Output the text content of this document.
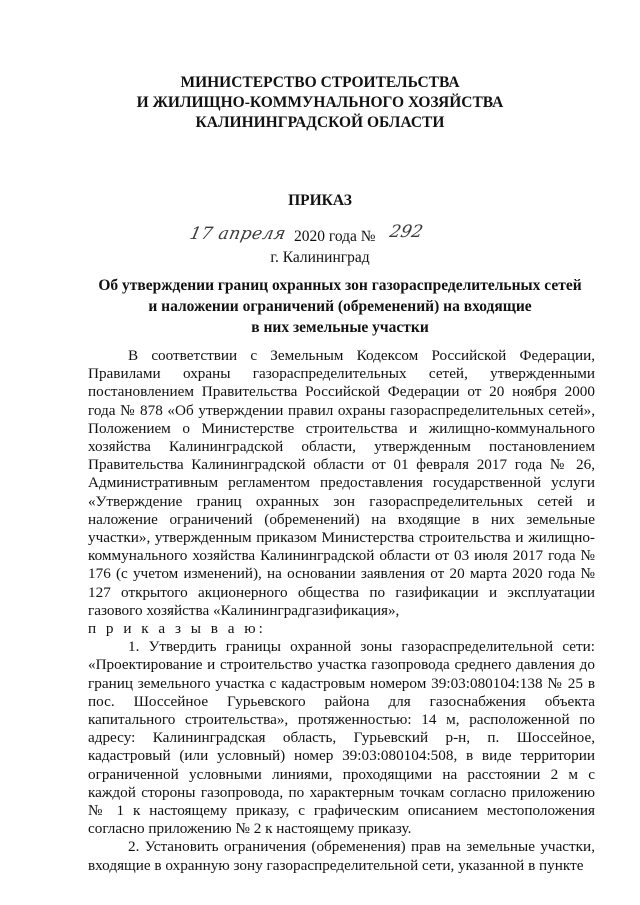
МИНИСТЕРСТВО СТРОИТЕЛЬСТВА
И ЖИЛИЩНО-КОММУНАЛЬНОГО ХОЗЯЙСТВА
КАЛИНИНГРАДСКОЙ ОБЛАСТИ
ПРИКАЗ
17 апреля 2020 года № 292
г. Калининград
Об утверждении границ охранных зон газораспределительных сетей
и наложении ограничений (обременений) на входящие
в них земельные участки

В соответствии с Земельным Кодексом Российской Федерации, Правилами охраны газораспределительных сетей, утвержденными постановлением Правительства Российской Федерации от 20 ноября 2000 года № 878 «Об утверждении правил охраны газораспределительных сетей», Положением о Министерстве строительства и жилищно-коммунального хозяйства Калининградской области, утвержденным постановлением Правительства Калининградской области от 01 февраля 2017 года № 26, Административным регламентом предоставления государственной услуги «Утверждение границ охранных зон газораспределительных сетей и наложение ограничений (обременений) на входящие в них земельные участки», утвержденным приказом Министерства строительства и жилищно-коммунального хозяйства Калининградской области от 03 июля 2017 года № 176 (с учетом изменений), на основании заявления от 20 марта 2020 года № 127 открытого акционерного общества по газификации и эксплуатации газового хозяйства «Калининградгазификация»,

п р и к а з ы в а ю:

1. Утвердить границы охранной зоны газораспределительной сети: «Проектирование и строительство участка газопровода среднего давления до границ земельного участка с кадастровым номером 39:03:080104:138 № 25 в пос. Шоссейное Гурьевского района для газоснабжения объекта капитального строительства», протяженностью: 14 м, расположенной по адресу: Калининградская область, Гурьевский р-н, п. Шоссейное, кадастровый (или условный) номер 39:03:080104:508, в виде территории ограниченной условными линиями, проходящими на расстоянии 2 м с каждой стороны газопровода, по характерным точкам согласно приложению № 1 к настоящему приказу, с графическим описанием местоположения согласно приложению № 2 к настоящему приказу.

2. Установить ограничения (обременения) прав на земельные участки, входящие в охранную зону газораспределительной сети, указанной в пункте
